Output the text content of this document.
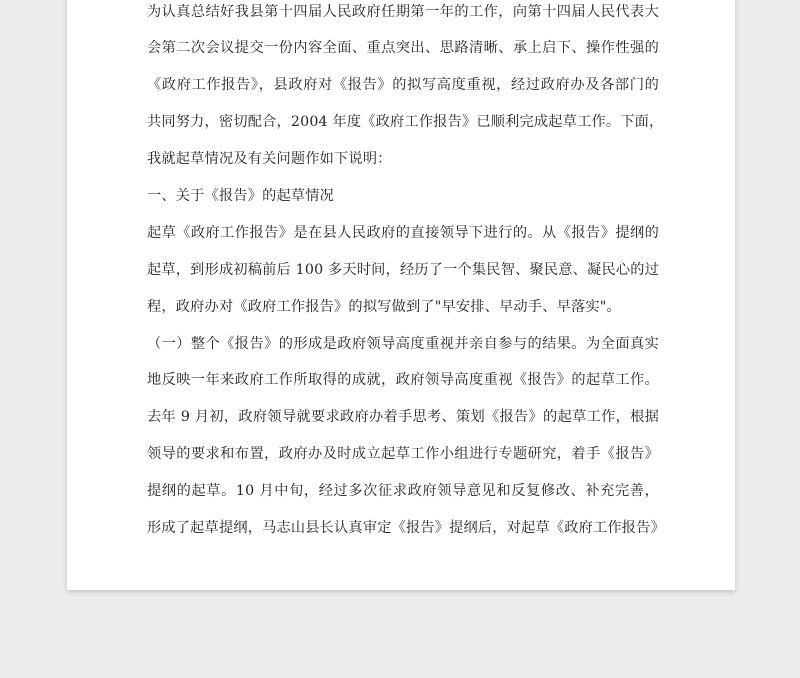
为认真总结好我县第十四届人民政府任期第一年的工作，向第十四届人民代表大
会第二次会议提交一份内容全面、重点突出、思路清晰、承上启下、操作性强的
《政府工作报告》，县政府对《报告》的拟写高度重视，经过政府办及各部门的
共同努力，密切配合，2004 年度《政府工作报告》已顺利完成起草工作。下面，
我就起草情况及有关问题作如下说明：
一、关于《报告》的起草情况
起草《政府工作报告》是在县人民政府的直接领导下进行的。从《报告》提纲的
起草，到形成初稿前后 100 多天时间，经历了一个集民智、聚民意、凝民心的过
程，政府办对《政府工作报告》的拟写做到了"早安排、早动手、早落实"。
（一）整个《报告》的形成是政府领导高度重视并亲自参与的结果。为全面真实
地反映一年来政府工作所取得的成就，政府领导高度重视《报告》的起草工作。
去年 9 月初，政府领导就要求政府办着手思考、策划《报告》的起草工作，根据
领导的要求和布置，政府办及时成立起草工作小组进行专题研究，着手《报告》
提纲的起草。10 月中旬，经过多次征求政府领导意见和反复修改、补充完善，
形成了起草提纲，马志山县长认真审定《报告》提纲后，对起草《政府工作报告》
